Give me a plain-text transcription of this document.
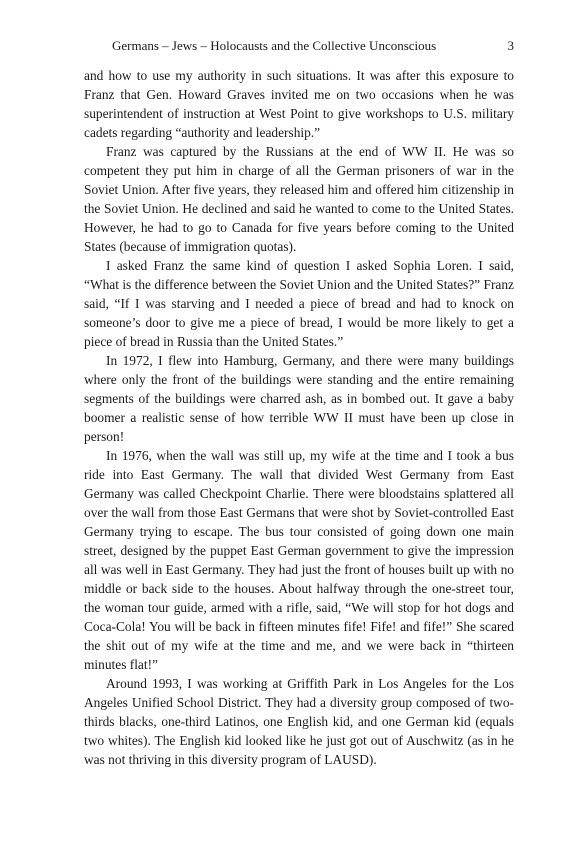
Germans – Jews – Holocausts and the Collective Unconscious	3

and how to use my authority in such situations. It was after this exposure to Franz that Gen. Howard Graves invited me on two occasions when he was superintendent of instruction at West Point to give workshops to U.S. military cadets regarding “authority and leadership.”

Franz was captured by the Russians at the end of WW II. He was so competent they put him in charge of all the German prisoners of war in the Soviet Union. After five years, they released him and offered him citizenship in the Soviet Union. He declined and said he wanted to come to the United States. However, he had to go to Canada for five years before coming to the United States (because of immigration quotas).

I asked Franz the same kind of question I asked Sophia Loren. I said, “What is the difference between the Soviet Union and the United States?” Franz said, “If I was starving and I needed a piece of bread and had to knock on someone’s door to give me a piece of bread, I would be more likely to get a piece of bread in Russia than the United States.”

In 1972, I flew into Hamburg, Germany, and there were many buildings where only the front of the buildings were standing and the entire remaining segments of the buildings were charred ash, as in bombed out. It gave a baby boomer a realistic sense of how terrible WW II must have been up close in person!

In 1976, when the wall was still up, my wife at the time and I took a bus ride into East Germany. The wall that divided West Germany from East Germany was called Checkpoint Charlie. There were bloodstains splattered all over the wall from those East Germans that were shot by Soviet-controlled East Germany trying to escape. The bus tour consisted of going down one main street, designed by the puppet East German government to give the impression all was well in East Germany. They had just the front of houses built up with no middle or back side to the houses. About halfway through the one-street tour, the woman tour guide, armed with a rifle, said, “We will stop for hot dogs and Coca-Cola! You will be back in fifteen minutes fife! Fife! and fife!” She scared the shit out of my wife at the time and me, and we were back in “thirteen minutes flat!”

Around 1993, I was working at Griffith Park in Los Angeles for the Los Angeles Unified School District. They had a diversity group composed of two-thirds blacks, one-third Latinos, one English kid, and one German kid (equals two whites). The English kid looked like he just got out of Auschwitz (as in he was not thriving in this diversity program of LAUSD).
